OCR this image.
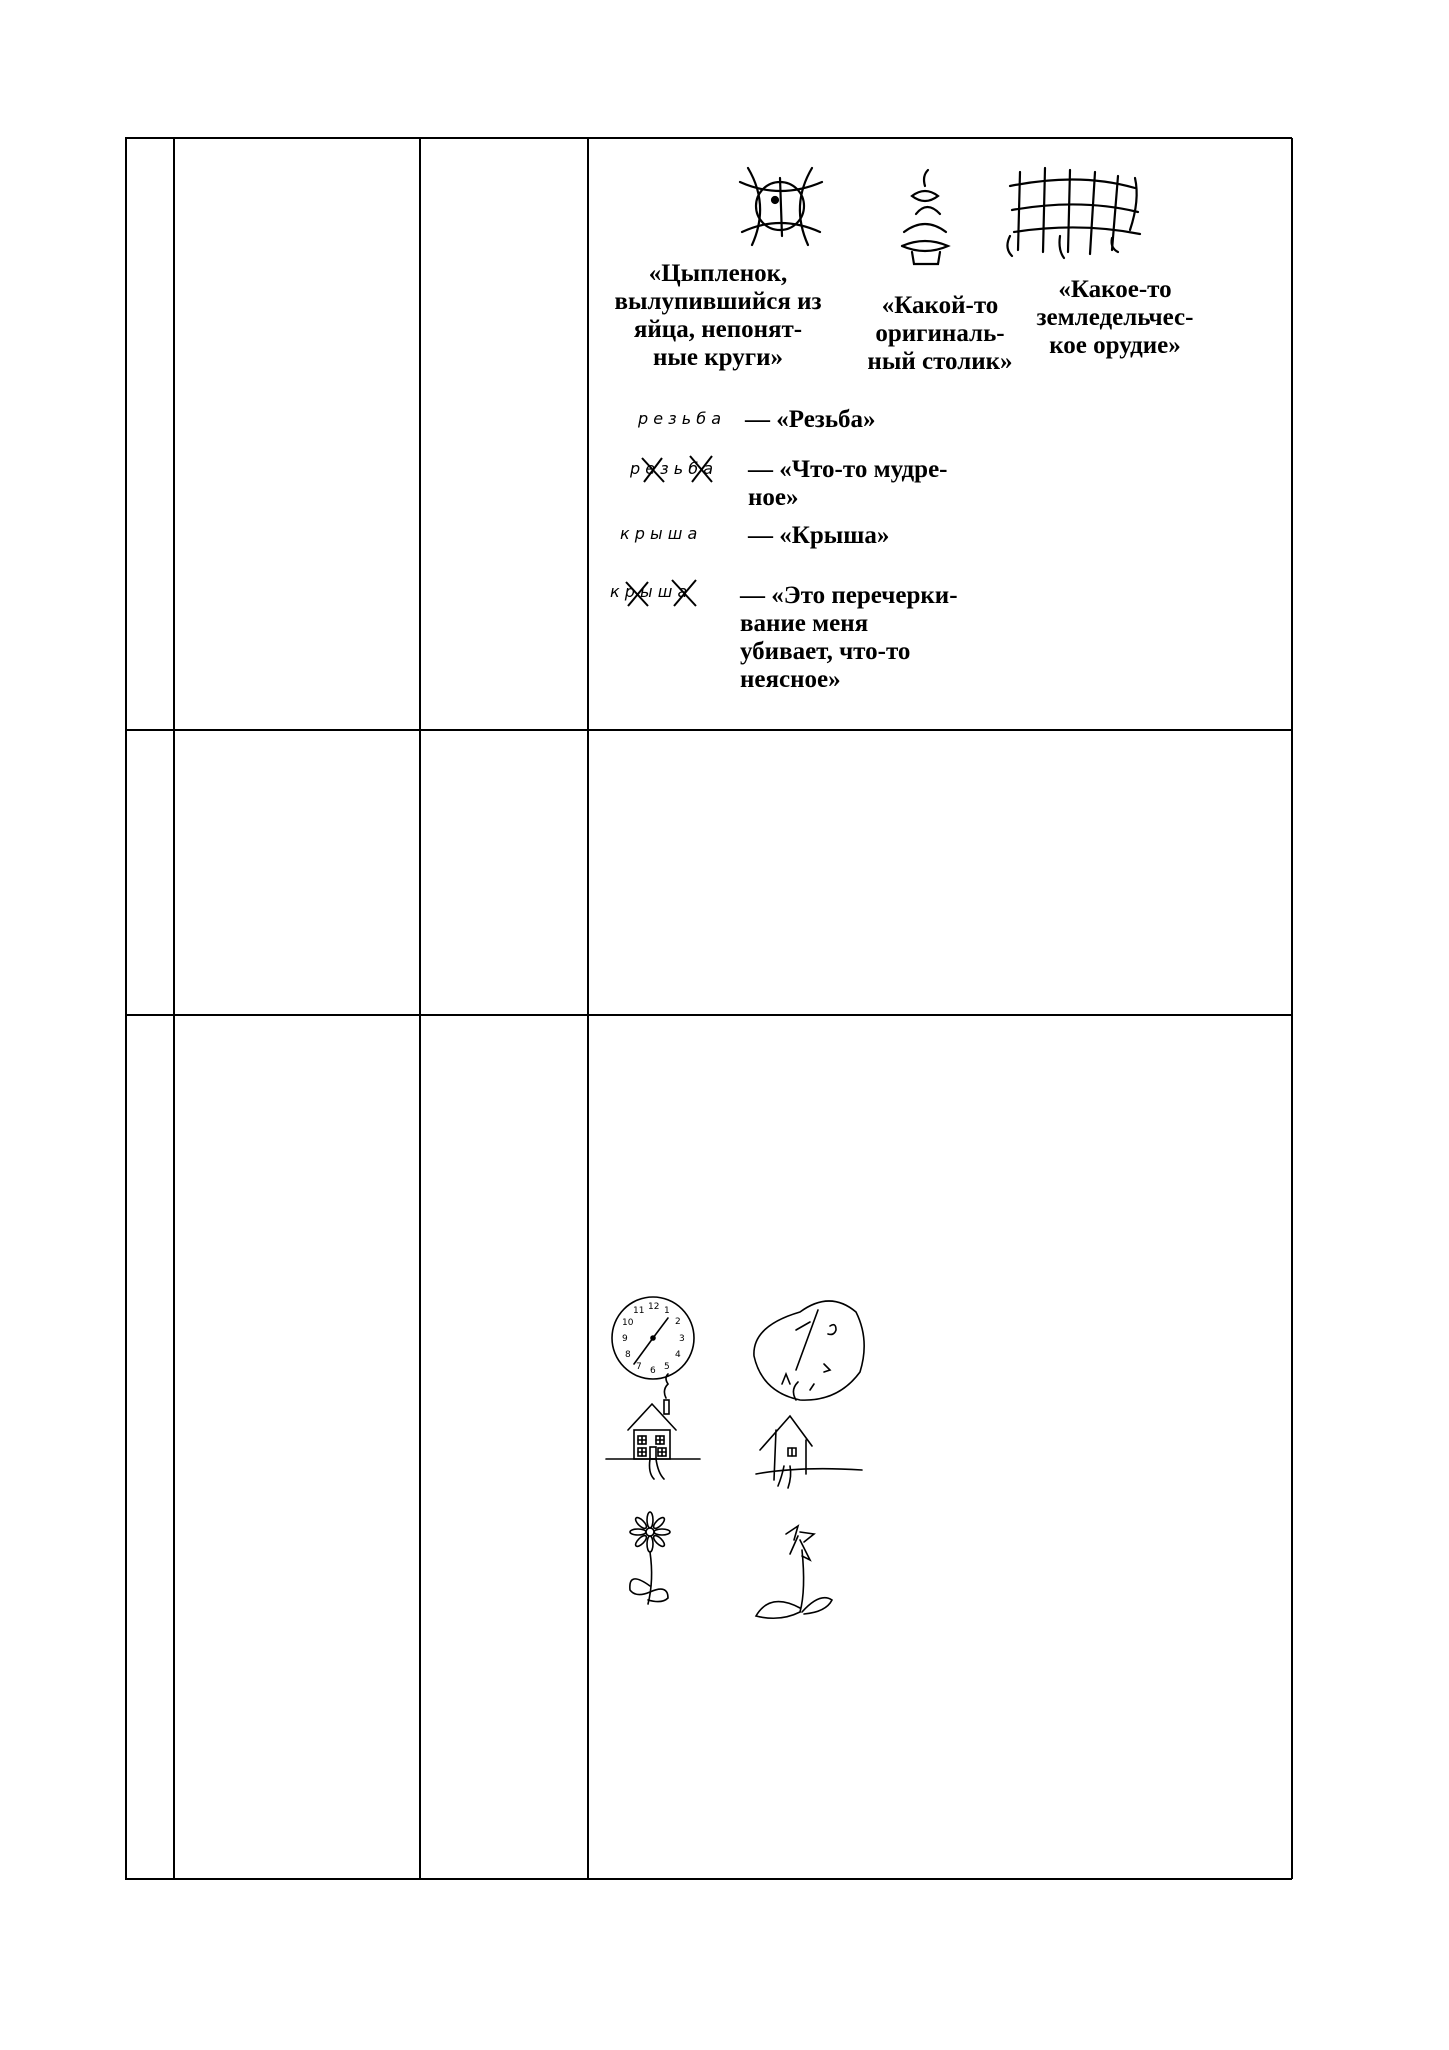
«Цыпленок,
вылупившийся из
яйца, непонят-
ные круги»
«Какой-то
оригиналь-
ный столик»
«Какое-то
земледельчес-
кое орудие»
р е з ь б а
р е з ь б а
к р ы ш а
к р ы ш а
— «Резьба»
— «Что-то мудре-
ное»
— «Крыша»
— «Это перечерки-
вание меня
убивает, что-то
неясное»
12 1
2
3
4
5
6
7
8
9
10
11
